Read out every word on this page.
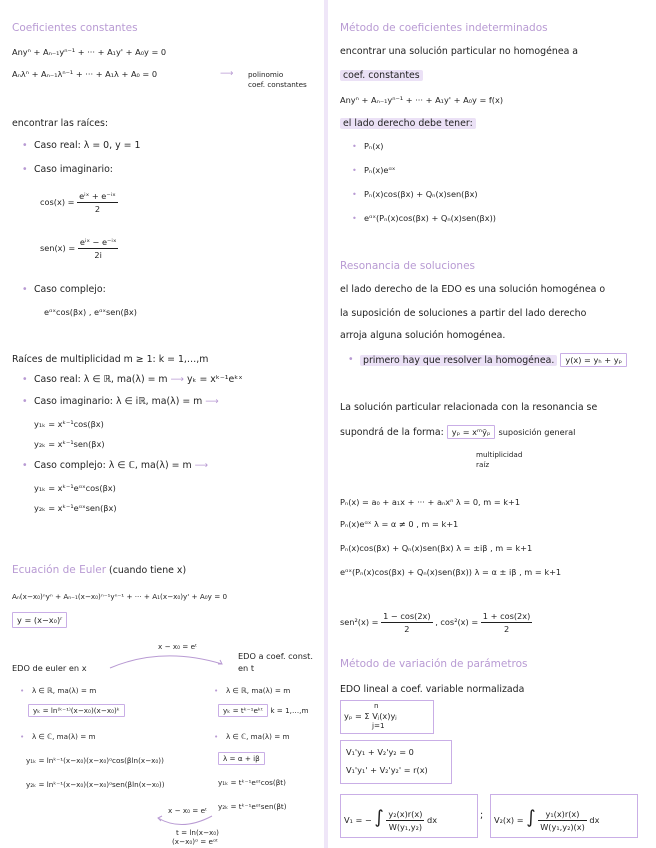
Coeficientes constantes
Anyⁿ + Aₙ₋₁yⁿ⁻¹ + ··· + A₁y' + A₀y = 0
Aₙλⁿ + Aₙ₋₁λⁿ⁻¹ + ··· + A₁λ + A₀ = 0	⟶ polinomio
coef. constantes
encontrar las raíces:
• Caso real: λ = 0, y = 1
• Caso imaginario:
$\cos(x) = \frac{\text{eⁱˣ + e⁻ⁱˣ}}{2}$
$sen(x) = \frac{\text{eⁱˣ − e⁻ⁱˣ}}{2i}$
• Caso complejo:
eᵅˣcos(βx) , eᵅˣsen(βx)
Raíces de multiplicidad m ≥ 1: k = 1,…,m
• Caso real: λ ∈ ℝ, ma(λ) = m ⟶ yₖ = xᵏ⁻¹eᵏˣ
• Caso imaginario: λ ∈ iℝ, ma(λ) = m ⟶
y₁ₖ = xᵏ⁻¹cos(βx)
y₂ₖ = xᵏ⁻¹sen(βx)
• Caso complejo: λ ∈ ℂ, ma(λ) = m ⟶
y₁ₖ = xᵏ⁻¹eᵅˣcos(βx)
y₂ₖ = xᵏ⁻¹eᵅˣsen(βx)
Ecuación de Euler (cuando tiene x)
Aₙ(x−x₀)ⁿyⁿ + Aₙ₋₁(x−x₀)ⁿ⁻¹yⁿ⁻¹ + ··· + A₁(x−x₀)y' + A₀y = 0
y = (x−x₀)ʳ
x − x₀ = eᵗ
EDO a coef. const.
en t
EDO de euler en x
• λ ∈ ℝ, ma(λ) = m
yₖ = ln⁽ᵏ⁻¹⁾(x−x₀)(x−x₀)ᵏ
• λ ∈ ℂ, ma(λ) = m
y₁ₖ = lnᵏ⁻¹(x−x₀)(x−x₀)ᵅcos(βln(x−x₀))
y₂ₖ = lnᵏ⁻¹(x−x₀)(x−x₀)ᵅsen(βln(x−x₀))
• λ ∈ ℝ, ma(λ) = m
yₖ = tᵏ⁻¹eᵏᵗ k = 1,…,m
• λ ∈ ℂ, ma(λ) = m
λ = α + iβ
y₁ₖ = tᵏ⁻¹eᵅᵗcos(βt)
y₂ₖ = tᵏ⁻¹eᵅᵗsen(βt)
x − x₀ = eᵗ
t = ln(x−x₀)
(x−x₀)ᵅ = eᵅᵗ
Método de coeficientes indeterminados
encontrar una solución particular no homogénea a
coef. constantes
Anyⁿ + Aₙ₋₁yⁿ⁻¹ + ··· + A₁y' + A₀y = f(x)
el lado derecho debe tener:
• Pₙ(x)
• Pₙ(x)eᵅˣ
• Pₙ(x)cos(βx) + Qₙ(x)sen(βx)
• eᵅˣ(Pₙ(x)cos(βx) + Qₙ(x)sen(βx))
Resonancia de soluciones
el lado derecho de la EDO es una solución homogénea o
la suposición de soluciones a partir del lado derecho
arroja alguna solución homogénea.
• primero hay que resolver la homogénea. y(x) = yₕ + yₚ
La solución particular relacionada con la resonancia se
supondrá de la forma: yₚ = xᵐỹₚ suposición general
multiplicidad
raíz
Pₙ(x) = a₀ + a₁x + ··· + aₙxⁿ λ = 0, m = k+1
Pₙ(x)eᵅˣ λ = α ≠ 0 , m = k+1
Pₙ(x)cos(βx) + Qₙ(x)sen(βx) λ = ±iβ , m = k+1
eᵅˣ(Pₙ(x)cos(βx) + Qₙ(x)sen(βx)) λ = α ± iβ , m = k+1
$sen^2(x) = \frac{1 - \cos(2x)}{2}$ , $\cos^2(x) = \frac{1 + \cos(2x)}{2}$
Método de variación de parámetros
EDO lineal a coef. variable normalizada
n
yₚ = Σ Vⱼ(x)yⱼ
j=1
V₁'y₁ + V₂'y₂ = 0
V₁'y₁' + V₂'y₂' = r(x)
V₁ = − ∫ $\frac{\text{y₂(x)r(x)}}{\text{W(y₁,y₂)}}$ dx	; V₂(x) = ∫ $\frac{\text{y₁(x)r(x)}}{\text{W(y₁,y₂)(x)}}$ dx
